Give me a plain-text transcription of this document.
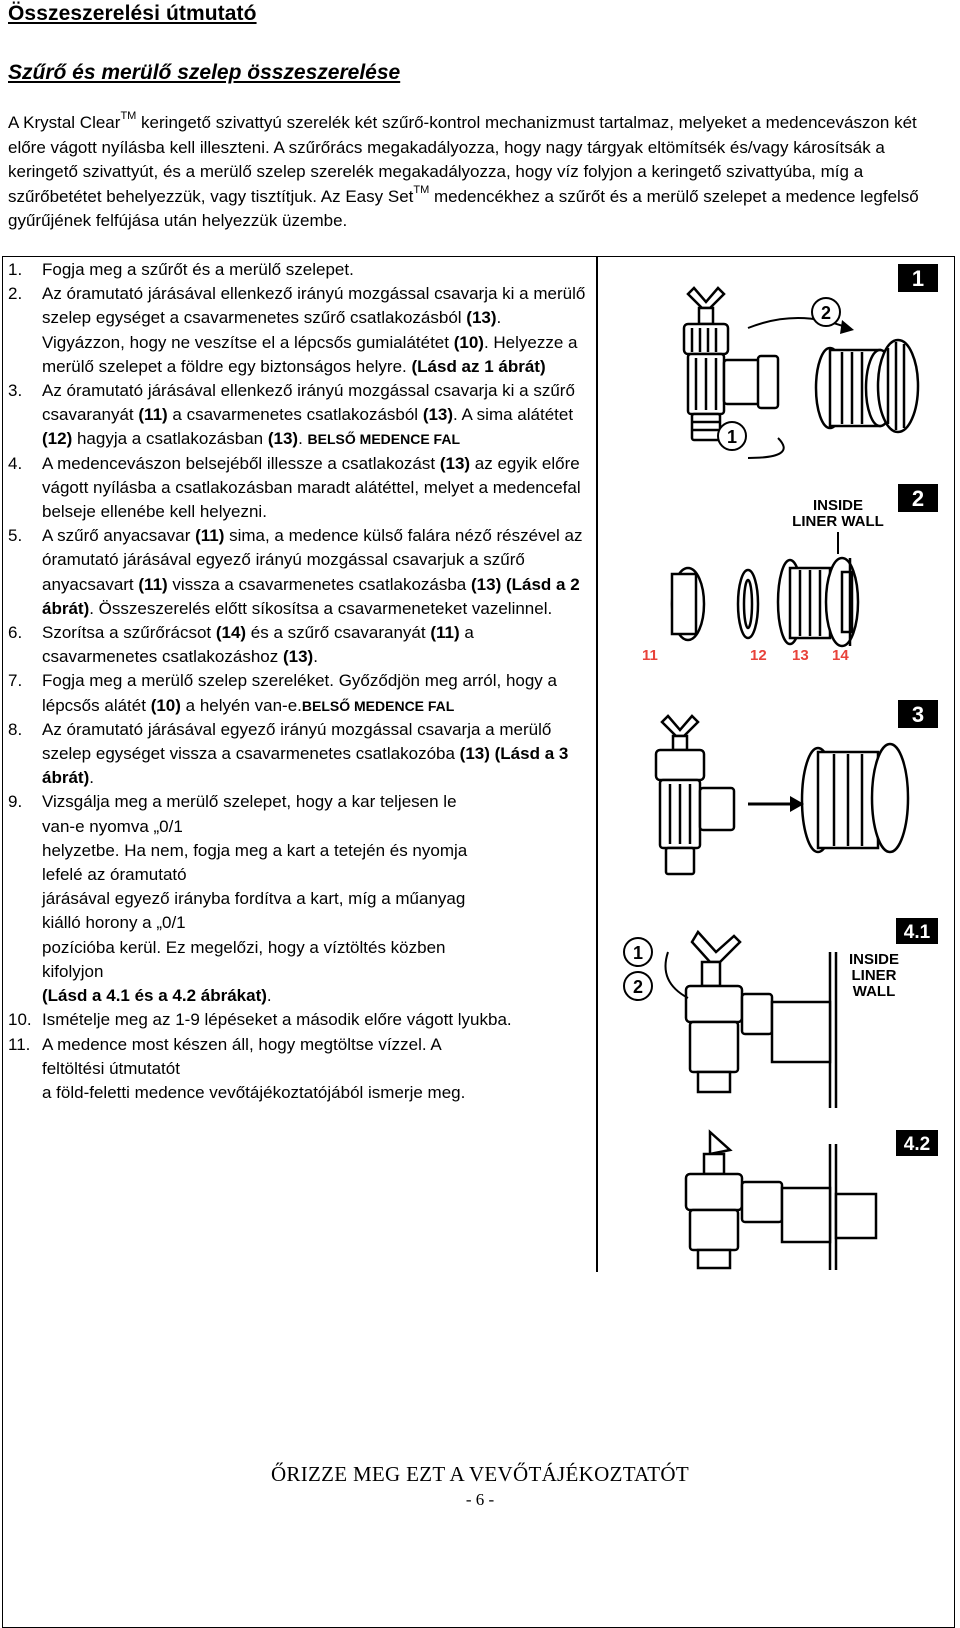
Összeszerelési útmutató
Szűrő és merülő szelep összeszerelése
A Krystal Clear™ keringető szivattyú szerelék két szűrő-kontrol mechanizmust tartalmaz, melyeket a medencevászon két előre vágott nyílásba kell illeszteni. A szűrőrács megakadályozza, hogy nagy tárgyak eltömítsék és/vagy károsítsák a keringető szivattyút, és a merülő szelep szerelék megakadályozza, hogy víz folyjon a keringető szivattyúba, míg a szűrőbetétet behelyezzük, vagy tisztítjuk. Az Easy Set™ medencékhez a szűrőt és a merülő szelepet a medence legfelső gyűrűjének felfújása után helyezzük üzembe.
1.	Fogja meg a szűrőt és a merülő szelepet.
2.	Az óramutató járásával ellenkező irányú mozgással csavarja ki a merülő szelep egységet a csavarmenetes szűrő csatlakozásból (13). Vigyázzon, hogy ne veszítse el a lépcsős gumialátétet (10). Helyezze a merülő szelepet a földre egy biztonságos helyre. (Lásd az 1 ábrát)
3.	Az óramutató járásával ellenkező irányú mozgással csavarja ki a szűrő csavaranyát (11) a csavarmenetes csatlakozásból (13). A sima alátétet (12) hagyja a csatlakozásban (13). BELSŐ MEDENCE FAL
4.	A medencevászon belsejéből illessze a csatlakozást (13) az egyik előre vágott nyílásba a csatlakozásban maradt alátéttel, melyet a medencefal belseje ellenébe kell helyezni.
5.	A szűrő anyacsavar (11) sima, a medence külső falára néző részével az óramutató járásával egyező irányú mozgással csavarjuk a szűrő anyacsavart (11) vissza a csavarmenetes csatlakozásba (13) (Lásd a 2 ábrát). Összeszerelés előtt síkosítsa a csavarmeneteket vazelinnel.
6.	Szorítsa a szűrőrácsot (14) és a szűrő csavaranyát (11) a csavarmenetes csatlakozáshoz (13).
7.	Fogja meg a merülő szelep szereléket. Győződjön meg arról, hogy a lépcsős alátét (10) a helyén van-e.BELSŐ MEDENCE FAL
8.	Az óramutató járásával egyező irányú mozgással csavarja a merülő szelep egységet vissza a csavarmenetes csatlakozóba (13) (Lásd a 3 ábrát).
9.	Vizsgálja meg a merülő szelepet, hogy a kar teljesen le
van-e nyomva „0/1
helyzetbe. Ha nem, fogja meg a kart a tetején és nyomja
lefelé az óramutató
járásával egyező irányba fordítva a kart, míg a műanyag
kiálló horony a „0/1
pozícióba kerül. Ez megelőzi, hogy a víztöltés közben
kifolyjon
(Lásd a 4.1 és a 4.2 ábrákat).
10. Ismételje meg az 1-9 lépéseket a második előre vágott lyukba.
11. A medence most készen áll, hogy megtöltse vízzel. A
feltöltési útmutatót
a föld-feletti medence vevőtájékoztatójából ismerje meg.
1
2
1
2
INSIDE
LINER WALL
11	12 13 14
3
4.1
INSIDE
LINER
WALL
1
2
4.2
ŐRIZZE MEG EZT A VEVŐTÁJÉKOZTATÓT
- 6 -
